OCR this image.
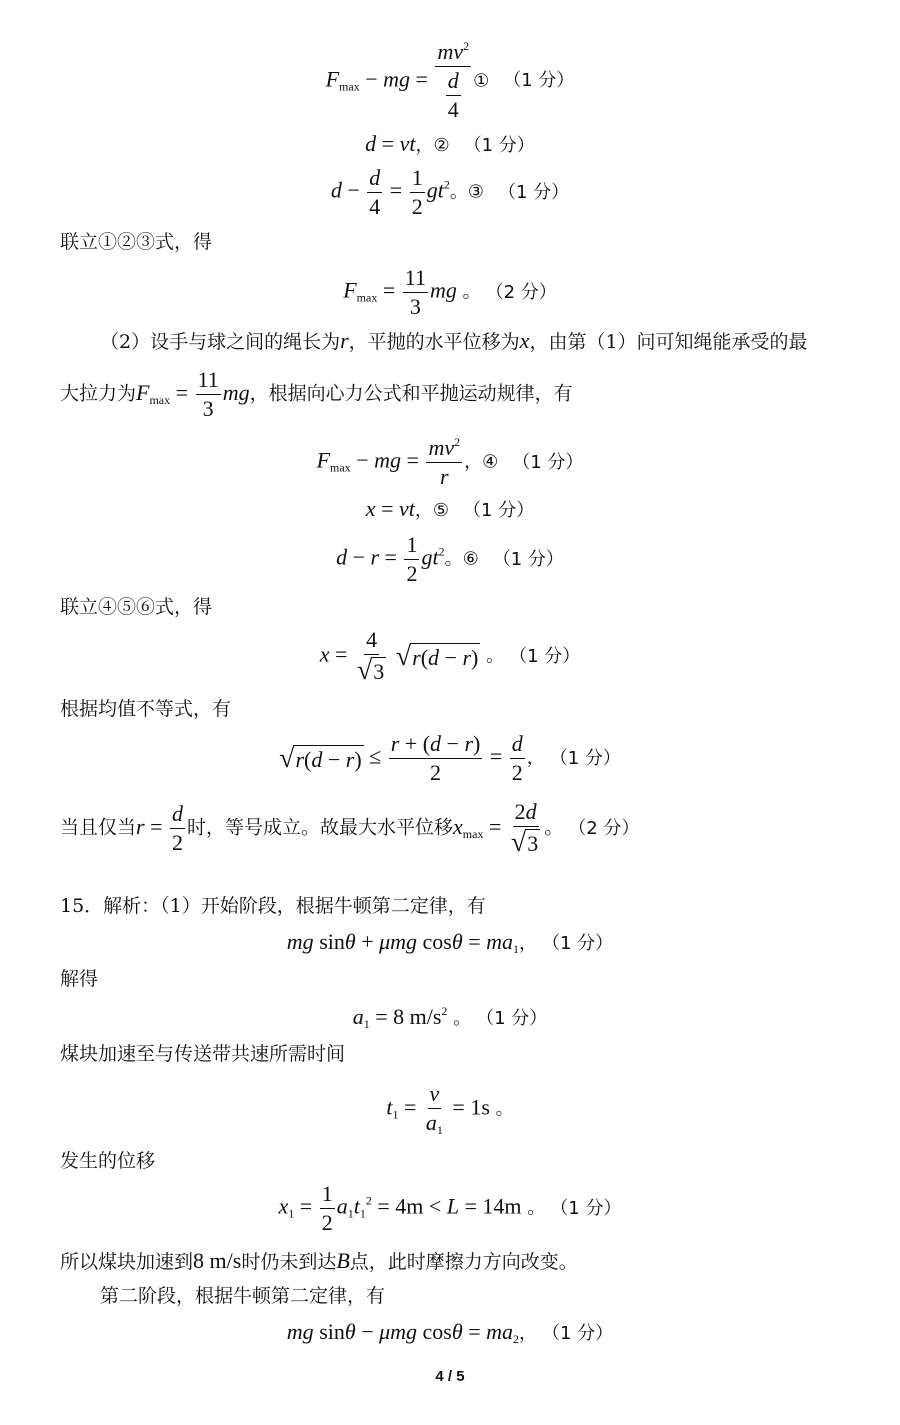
$F_{max}$ − mg = $\frac{mv^2}{\frac{d}{4}}$ ① （1 分）
d = vt，② （1 分）
$d - \frac{d}{4} = \frac{1}{2} gt^2$。③ （1 分）
联立①②③式，得
$F_{max} = \frac{11}{3}$ mg 。 （2 分）
（2）设手与球之间的绳长为r，平抛的水平位移为x，由第（1）问可知绳能承受的最
大拉力为$F_{max} = \frac{11}{3}$ mg，根据向心力公式和平抛运动规律，有
$F_{max}$ − mg = $\frac{mv^2}{r}$ ，④ （1 分）
x = vt，⑤ （1 分）
$d - r = \frac{1}{2} gt^2$。⑥ （1 分）
联立④⑤⑥式，得
$x = \frac{4}{√ 3}$
√ r(d − r) 。 （1 分）
根据均值不等式，有
√ $r(d - r) \le \frac{r + (d - r)}{2} = \frac{d}{2}$ ， （1 分）
当且仅当$r = \frac{d}{2}$ 时，等号成立。故最大水平位移$x_{max} = \frac{2d}{√ 3}$ 。 （2 分）
15．解析：（1）开始阶段，根据牛顿第二定律，有
mg sinθ + μmg $\cos\theta = ma_1$， （1 分）
解得
$a_1 = 8$ $m/s^2$ 。 （1 分）
煤块加速至与传送带共速所需时间
$t_1 = \frac{v}{a_1} = 1s$ 。
发生的位移
$x_1 = \frac{1}{2} a_1t_1^2 = 4m < L = 14m$ 。 （1 分）
所以煤块加速到8 m/s时仍未到达B点，此时摩擦力方向改变。
第二阶段，根据牛顿第二定律，有
mg sinθ − μmg $\cos\theta = ma_2$， （1 分）
4 / 5
